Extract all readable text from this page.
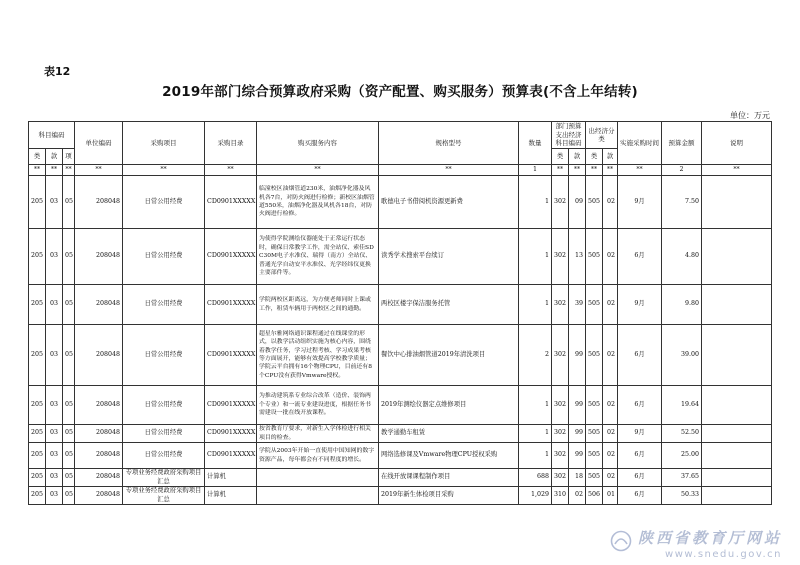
表12
2019年部门综合预算政府采购（资产配置、购买服务）预算表(不含上年结转)
单位：万元
科目编码			单位编码	采购项目	采购目录	购买服务内容	规格型号	数量	部门预算支出经济科目编码		出经济分类		实施采购时间	预算金额	说明
类	款	项							类	款	类	款			
**	**	**	**	**	**	**	**	1	**	**	**	**	**	2	**
205	03	05	208048	日常公用经费	CD0901XXXXX	临潼校区油烟管道230米，油烟净化器及风机各7台，对防火阀进行检修；新校区油烟管道550米，油烟净化器及风机各18台，对防火阀进行检修。	歌德电子书借阅机资源更新费	1	302	09	505	02	9月	7.50	
205	03	05	208048	日常公用经费	CD0901XXXXX	为使得学院测绘仪器能处于正常运行状态时，确保日常教学工作，需全站仪、索佳SDC30M电子水准仪、瑞得（南方）全站仪、普通光学自动安平水准仪、光学经纬仪更换主要部件等。	读秀学术搜索平台续订	1	302	13	505	02	6月	4.80	
205	03	05	208048	日常公用经费	CD0901XXXXX	学院两校区距离远，为方便老师同时上课或工作，租赁车辆用于两校区之间的通勤。	两校区楼宇保洁服务托管	1	302	39	505	02	9月	9.80	
205	03	05	208048	日常公用经费	CD0901XXXXX	超星尔雅网络通识课程通过在线课堂的形式，以教学活动组织实施为核心内容，围绕着教学任务，学习过程考核、学习成果考核等方面展开，能够有效提高学校教学质量；学院云平台拥有16个物理CPU，目前还有8个CPU没有获得Vmware授权。	餐饮中心排油烟管道2019年清洗项目	2	302	99	505	02	6月	39.00	
205	03	05	208048	日常公用经费	CD0901XXXXX	为推动建筑系专业综合改革（造价、装饰两个专业）和一流专业建设进度，根据任务书需建设一批在线开放课程。	2019年测绘仪器定点维修项目	1	302	99	505	02	6月	19.64	
205	03	05	208048	日常公用经费	CD0901XXXXX	按省教育厅要求，对新生入学体检进行相关项目的检查。	教学通勤车租赁	1	302	99	505	02	9月	52.50	
205	03	05	208048	日常公用经费	CD0901XXXXX	学院从2003年开始一直使用中国知网的数字资源产品，每年都会有不同程度的增长。	网络选修课及Vmware物理CPU授权采购	1	302	99	505	02	6月	25.00	
205	03	05	208048	专项业务经费政府采购项目汇总	计算机		在线开放课课程制作项目	688	302	18	505	02	6月	37.65	
205	03	05	208048	专项业务经费政府采购项目汇总	计算机		2019年新生体检项目采购	1,029	310	02	506	01	6月	50.33	
陕西省教育厅网站
www.snedu.gov.cn
